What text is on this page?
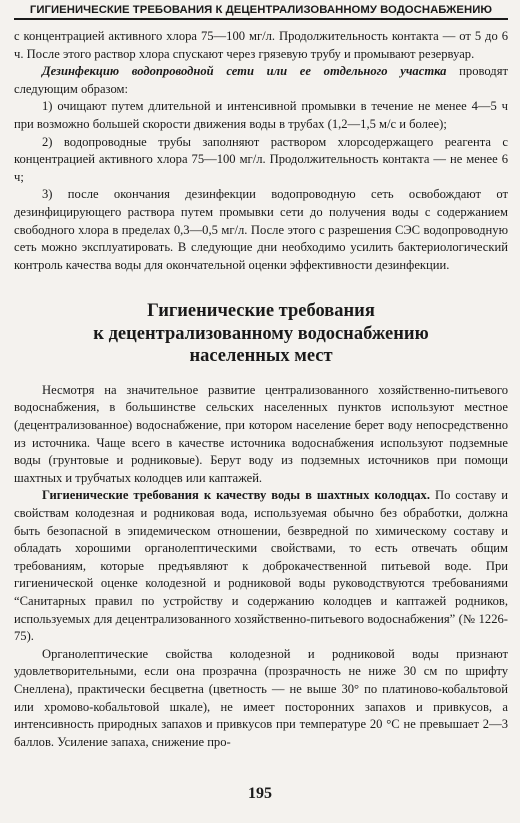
ГИГИЕНИЧЕСКИЕ ТРЕБОВАНИЯ К ДЕЦЕНТРАЛИЗОВАННОМУ ВОДОСНАБЖЕНИЮ

с концентрацией активного хлора 75—100 мг/л. Продолжительность контакта — от 5 до 6 ч. После этого раствор хлора спускают через грязевую трубу и промывают резервуар.

Дезинфекцию водопроводной сети или ее отдельного участка проводят следующим образом:

1) очищают путем длительной и интенсивной промывки в течение не менее 4—5 ч при возможно большей скорости движения воды в трубах (1,2—1,5 м/с и более);

2) водопроводные трубы заполняют раствором хлорсодержащего реагента с концентрацией активного хлора 75—100 мг/л. Продолжительность контакта — не менее 6 ч;

3) после окончания дезинфекции водопроводную сеть освобождают от дезинфицирующего раствора путем промывки сети до получения воды с содержанием свободного хлора в пределах 0,3—0,5 мг/л. После этого с разрешения СЭС водопроводную сеть можно эксплуатировать. В следующие дни необходимо усилить бактериологический контроль качества воды для окончательной оценки эффективности дезинфекции.

Гигиенические требования
к децентрализованному водоснабжению
населенных мест

Несмотря на значительное развитие централизованного хозяйственно-питьевого водоснабжения, в большинстве сельских населенных пунктов используют местное (децентрализованное) водоснабжение, при котором население берет воду непосредственно из источника. Чаще всего в качестве источника водоснабжения используют подземные воды (грунтовые и родниковые). Берут воду из подземных источников при помощи шахтных и трубчатых колодцев или каптажей.

Гигиенические требования к качеству воды в шахтных колодцах. По составу и свойствам колодезная и родниковая вода, используемая обычно без обработки, должна быть безопасной в эпидемическом отношении, безвредной по химическому составу и обладать хорошими органолептическими свойствами, то есть отвечать общим требованиям, которые предъявляют к доброкачественной питьевой воде. При гигиенической оценке колодезной и родниковой воды руководствуются требованиями “Санитарных правил по устройству и содержанию колодцев и каптажей родников, используемых для децентрализованного хозяйственно-питьевого водоснабжения” (№ 1226-75).

Органолептические свойства колодезной и родниковой воды признают удовлетворительными, если она прозрачна (прозрачность не ниже 30 см по шрифту Снеллена), практически бесцветна (цветность — не выше 30° по платиново-кобальтовой или хромово-кобальтовой шкале), не имеет посторонних запахов и привкусов, а интенсивность природных запахов и привкусов при температуре 20 °С не превышает 2—3 баллов. Усиление запаха, снижение про-

195
